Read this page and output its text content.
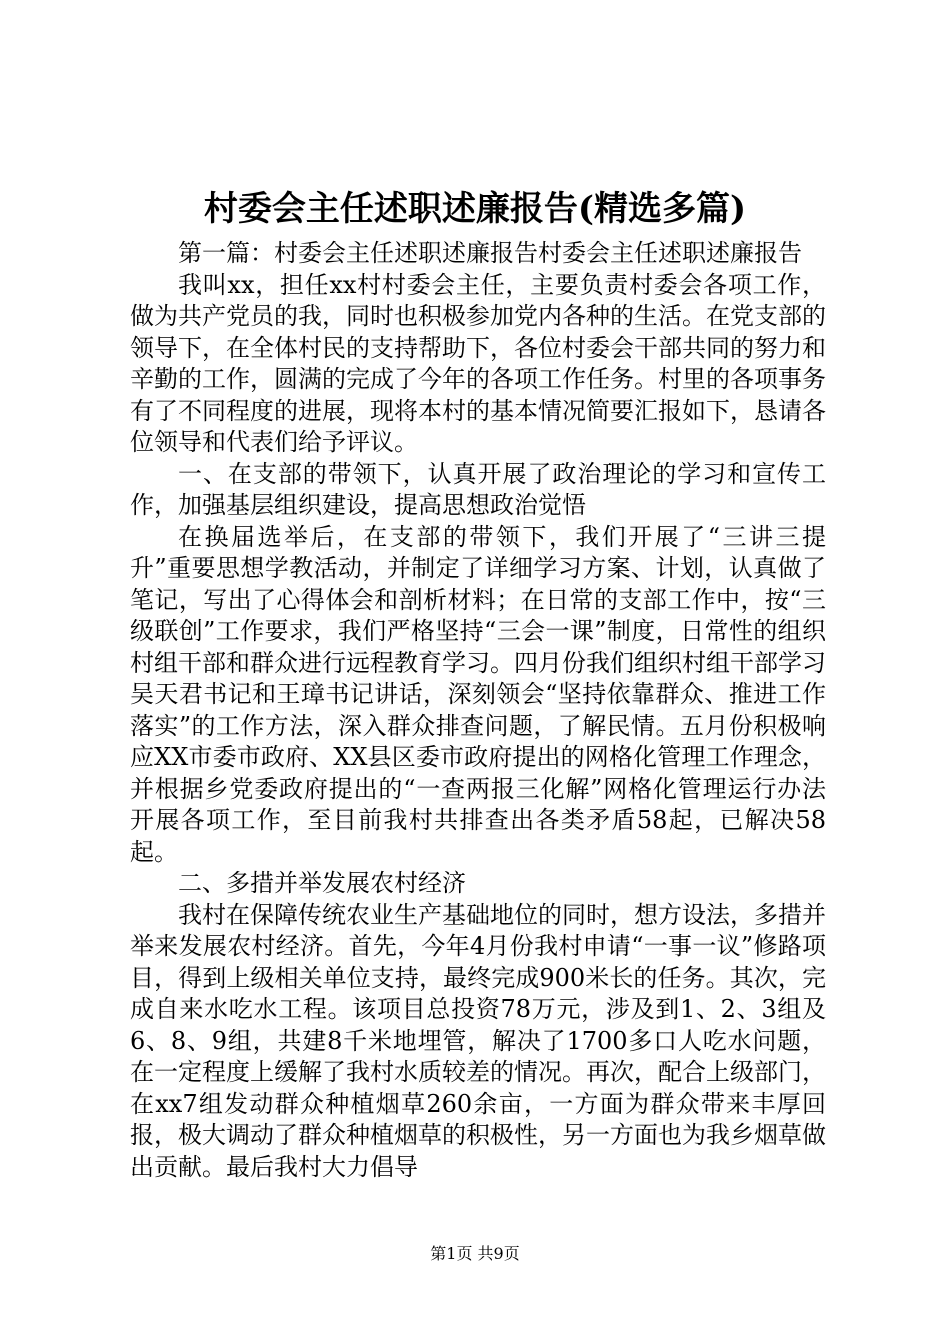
村委会主任述职述廉报告(精选多篇)

第一篇：村委会主任述职述廉报告村委会主任述职述廉报告

我叫xx，担任xx村村委会主任，主要负责村委会各项工作，做为共产党员的我，同时也积极参加党内各种的生活。在党支部的领导下，在全体村民的支持帮助下，各位村委会干部共同的努力和辛勤的工作，圆满的完成了今年的各项工作任务。村里的各项事务有了不同程度的进展，现将本村的基本情况简要汇报如下，恳请各位领导和代表们给予评议。

一、在支部的带领下，认真开展了政治理论的学习和宣传工作，加强基层组织建设，提高思想政治觉悟

在换届选举后，在支部的带领下，我们开展了“三讲三提升”重要思想学教活动，并制定了详细学习方案、计划，认真做了笔记，写出了心得体会和剖析材料；在日常的支部工作中，按“三级联创”工作要求，我们严格坚持“三会一课”制度，日常性的组织村组干部和群众进行远程教育学习。四月份我们组织村组干部学习吴天君书记和王璋书记讲话，深刻领会“坚持依靠群众、推进工作落实”的工作方法，深入群众排查问题，了解民情。五月份积极响应XX市委市政府、XX县区委市政府提出的网格化管理工作理念，并根据乡党委政府提出的“一查两报三化解”网格化管理运行办法开展各项工作，至目前我村共排查出各类矛盾58起，已解决58起。

二、多措并举发展农村经济

我村在保障传统农业生产基础地位的同时，想方设法，多措并举来发展农村经济。首先，今年4月份我村申请“一事一议”修路项目，得到上级相关单位支持，最终完成900米长的任务。其次，完成自来水吃水工程。该项目总投资78万元，涉及到1、2、3组及6、8、9组，共建8千米地埋管，解决了1700多口人吃水问题，在一定程度上缓解了我村水质较差的情况。再次，配合上级部门，在xx7组发动群众种植烟草260余亩，一方面为群众带来丰厚回报，极大调动了群众种植烟草的积极性，另一方面也为我乡烟草做出贡献。最后我村大力倡导

第1页 共9页
